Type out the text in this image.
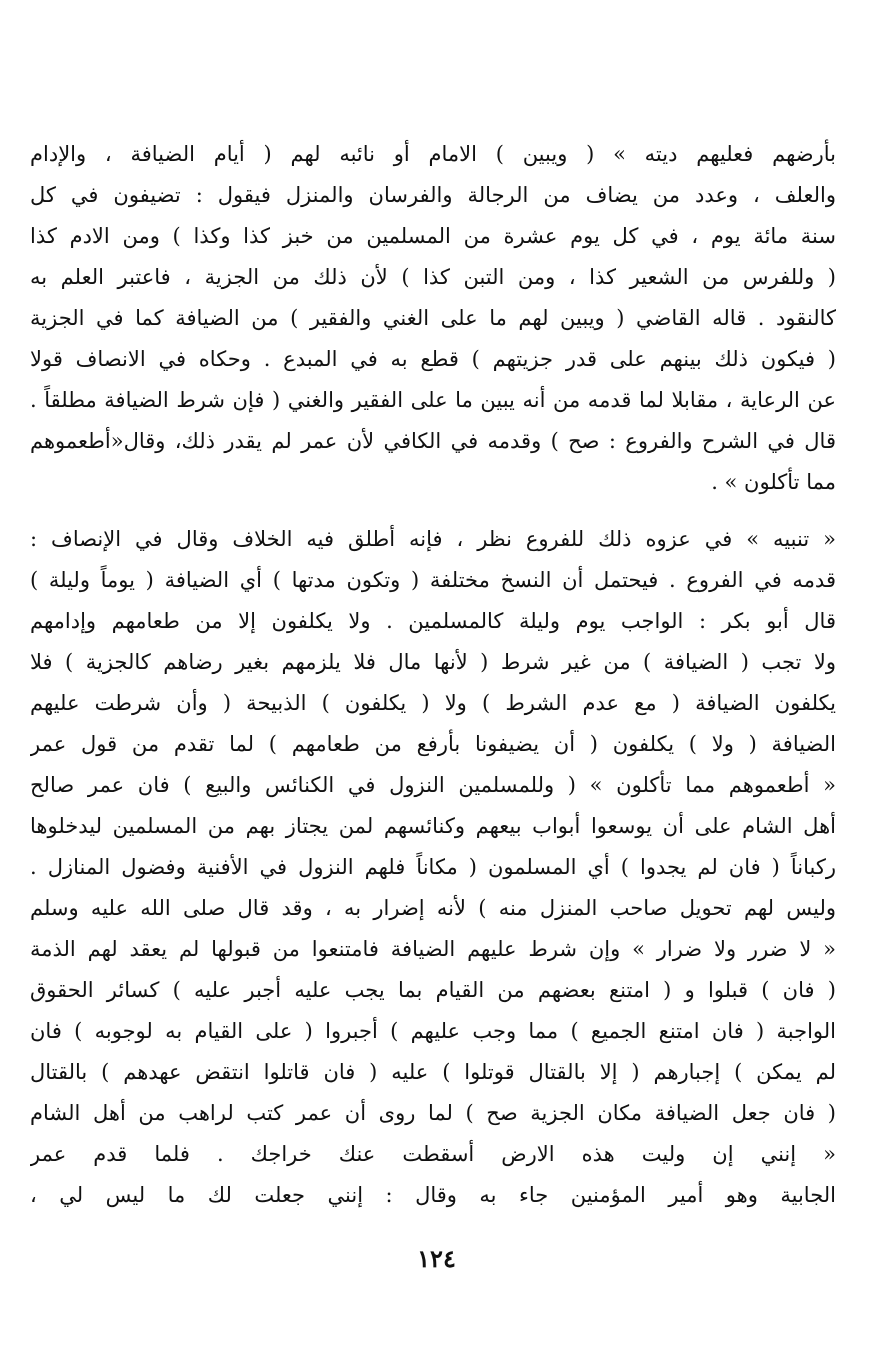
بأرضهم فعليهم ديته » ( ويبين ) الامام أو نائبه لهم ( أيام الضيافة ، والإدام
والعلف ، وعدد من يضاف من الرجالة والفرسان والمنزل فيقول : تضيفون في كل
سنة مائة يوم ، في كل يوم عشرة من المسلمين من خبز كذا وكذا ) ومن الادم كذا
( وللفرس من الشعير كذا ، ومن التبن كذا ) لأن ذلك من الجزية ، فاعتبر العلم به
كالنقود . قاله القاضي ( ويبين لهم ما على الغني والفقير ) من الضيافة كما في الجزية
( فيكون ذلك بينهم على قدر جزيتهم ) قطع به في المبدع . وحكاه في الانصاف قولا
عن الرعاية ، مقابلا لما قدمه من أنه يبين ما على الفقير والغني ( فإن شرط الضيافة مطلقاً .
قال في الشرح والفروع : صح ) وقدمه في الكافي لأن عمر لم يقدر ذلك، وقال«أطعموهم
مما تأكلون » .
« تنبيه » في عزوه ذلك للفروع نظر ، فإنه أطلق فيه الخلاف وقال في الإنصاف :
قدمه في الفروع . فيحتمل أن النسخ مختلفة ( وتكون مدتها ) أي الضيافة ( يوماً وليلة )
قال أبو بكر : الواجب يوم وليلة كالمسلمين . ولا يكلفون إلا من طعامهم وإدامهم
ولا تجب ( الضيافة ) من غير شرط ( لأنها مال فلا يلزمهم بغير رضاهم كالجزية ) فلا
يكلفون الضيافة ( مع عدم الشرط ) ولا ( يكلفون ) الذبيحة ( وأن شرطت عليهم
الضيافة ( ولا ) يكلفون ( أن يضيفونا بأرفع من طعامهم ) لما تقدم من قول عمر
« أطعموهم مما تأكلون » ( وللمسلمين النزول في الكنائس والبيع ) فان عمر صالح
أهل الشام على أن يوسعوا أبواب بيعهم وكنائسهم لمن يجتاز بهم من المسلمين ليدخلوها
ركباناً ( فان لم يجدوا ) أي المسلمون ( مكاناً فلهم النزول في الأفنية وفضول المنازل .
وليس لهم تحويل صاحب المنزل منه ) لأنه إضرار به ، وقد قال صلى الله عليه وسلم
« لا ضرر ولا ضرار » وإن شرط عليهم الضيافة فامتنعوا من قبولها لم يعقد لهم الذمة
( فان ) قبلوا و ( امتنع بعضهم من القيام بما يجب عليه أجبر عليه ) كسائر الحقوق
الواجبة ( فان امتنع الجميع ) مما وجب عليهم ) أجبروا ( على القيام به لوجوبه ) فان
لم يمكن ) إجبارهم ( إلا بالقتال قوتلوا ) عليه ( فان قاتلوا انتقض عهدهم ) بالقتال
( فان جعل الضيافة مكان الجزية صح ) لما روى أن عمر كتب لراهب من أهل الشام
« إنني إن وليت هذه الارض أسقطت عنك خراجك . فلما قدم عمر
الجابية وهو أمير المؤمنين جاء به وقال : إنني جعلت لك ما ليس لي ،
١٢٤
